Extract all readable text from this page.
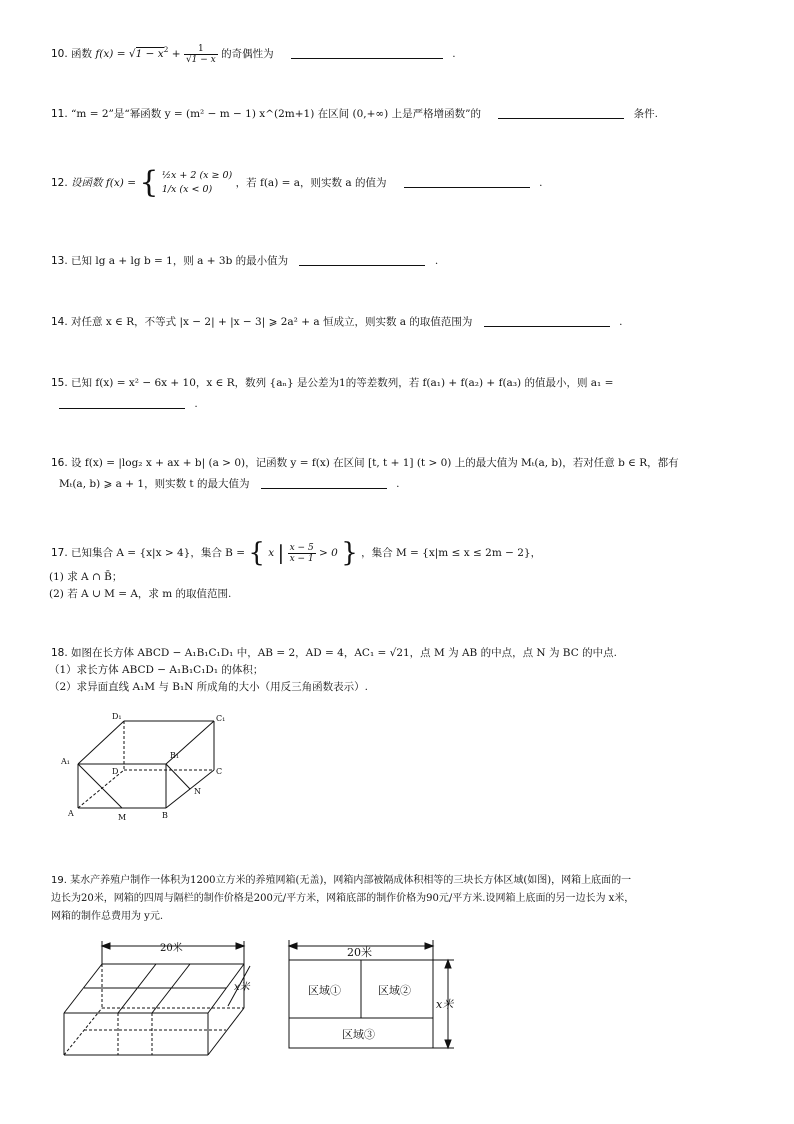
10. 函数 $f(x) = √1 - x^2 + \frac{1}{√1 - x}$ 的奇偶性为	.
11. “m = 2”是“幂函数 y = (m² − m − 1) x^(2m+1) 在区间 (0,+∞) 上是严格增函数”的	条件.
12. 设函数 f(x) = { ½x + 2 (x ≥ 0)
1/x (x < 0)
，若 f(a) = a，则实数 a 的值为	.
13. 已知 lg a + lg b = 1，则 a + 3b 的最小值为	.
14. 对任意 x ∈ R，不等式 |x − 2| + |x − 3| ⩾ 2a² + a 恒成立，则实数 a 的取值范围为	.
15. 已知 f(x) = x² − 6x + 10，x ∈ R，数列 {aₙ} 是公差为1的等差数列，若 f(a₁) + f(a₂) + f(a₃) 的值最小，则 a₁ =
.
16. 设 f(x) = |log₂ x + ax + b| (a > 0)，记函数 y = f(x) 在区间 [t, t + 1] (t > 0) 上的最大值为 Mₜ(a, b)，若对任意 b ∈ R，都有
Mₜ(a, b) ⩾ a + 1，则实数 t 的最大值为	.
17. 已知集合 A = {x|x > 4}，集合 B = { x | $\frac{x - 5}{x - 1} > 0$ } ，集合 M = {x|m ≤ x ≤ 2m − 2}，
(1) 求 A ∩ B̄；
(2) 若 A ∪ M = A，求 m 的取值范围.
18. 如图在长方体 ABCD − A₁B₁C₁D₁ 中，AB = 2，AD = 4，AC₁ = √21，点 M 为 AB 的中点，点 N 为 BC 的中点.
（1）求长方体 ABCD − A₁B₁C₁D₁ 的体积；
（2）求异面直线 A₁M 与 B₁N 所成角的大小（用反三角函数表示）.
D₁	C₁
A₁
B₁
D	C
N
A	M	B
19. 某水产养殖户制作一体积为1200立方米的养殖网箱(无盖)，网箱内部被隔成体积相等的三块长方体区域(如图)，网箱上底面的一
边长为20米，网箱的四周与隔栏的制作价格是200元/平方米，网箱底部的制作价格为90元/平方米.设网箱上底面的另一边长为 x米，
网箱的制作总费用为 y元.
20米
x米
20米
区域①	区域②
区域③
x米
